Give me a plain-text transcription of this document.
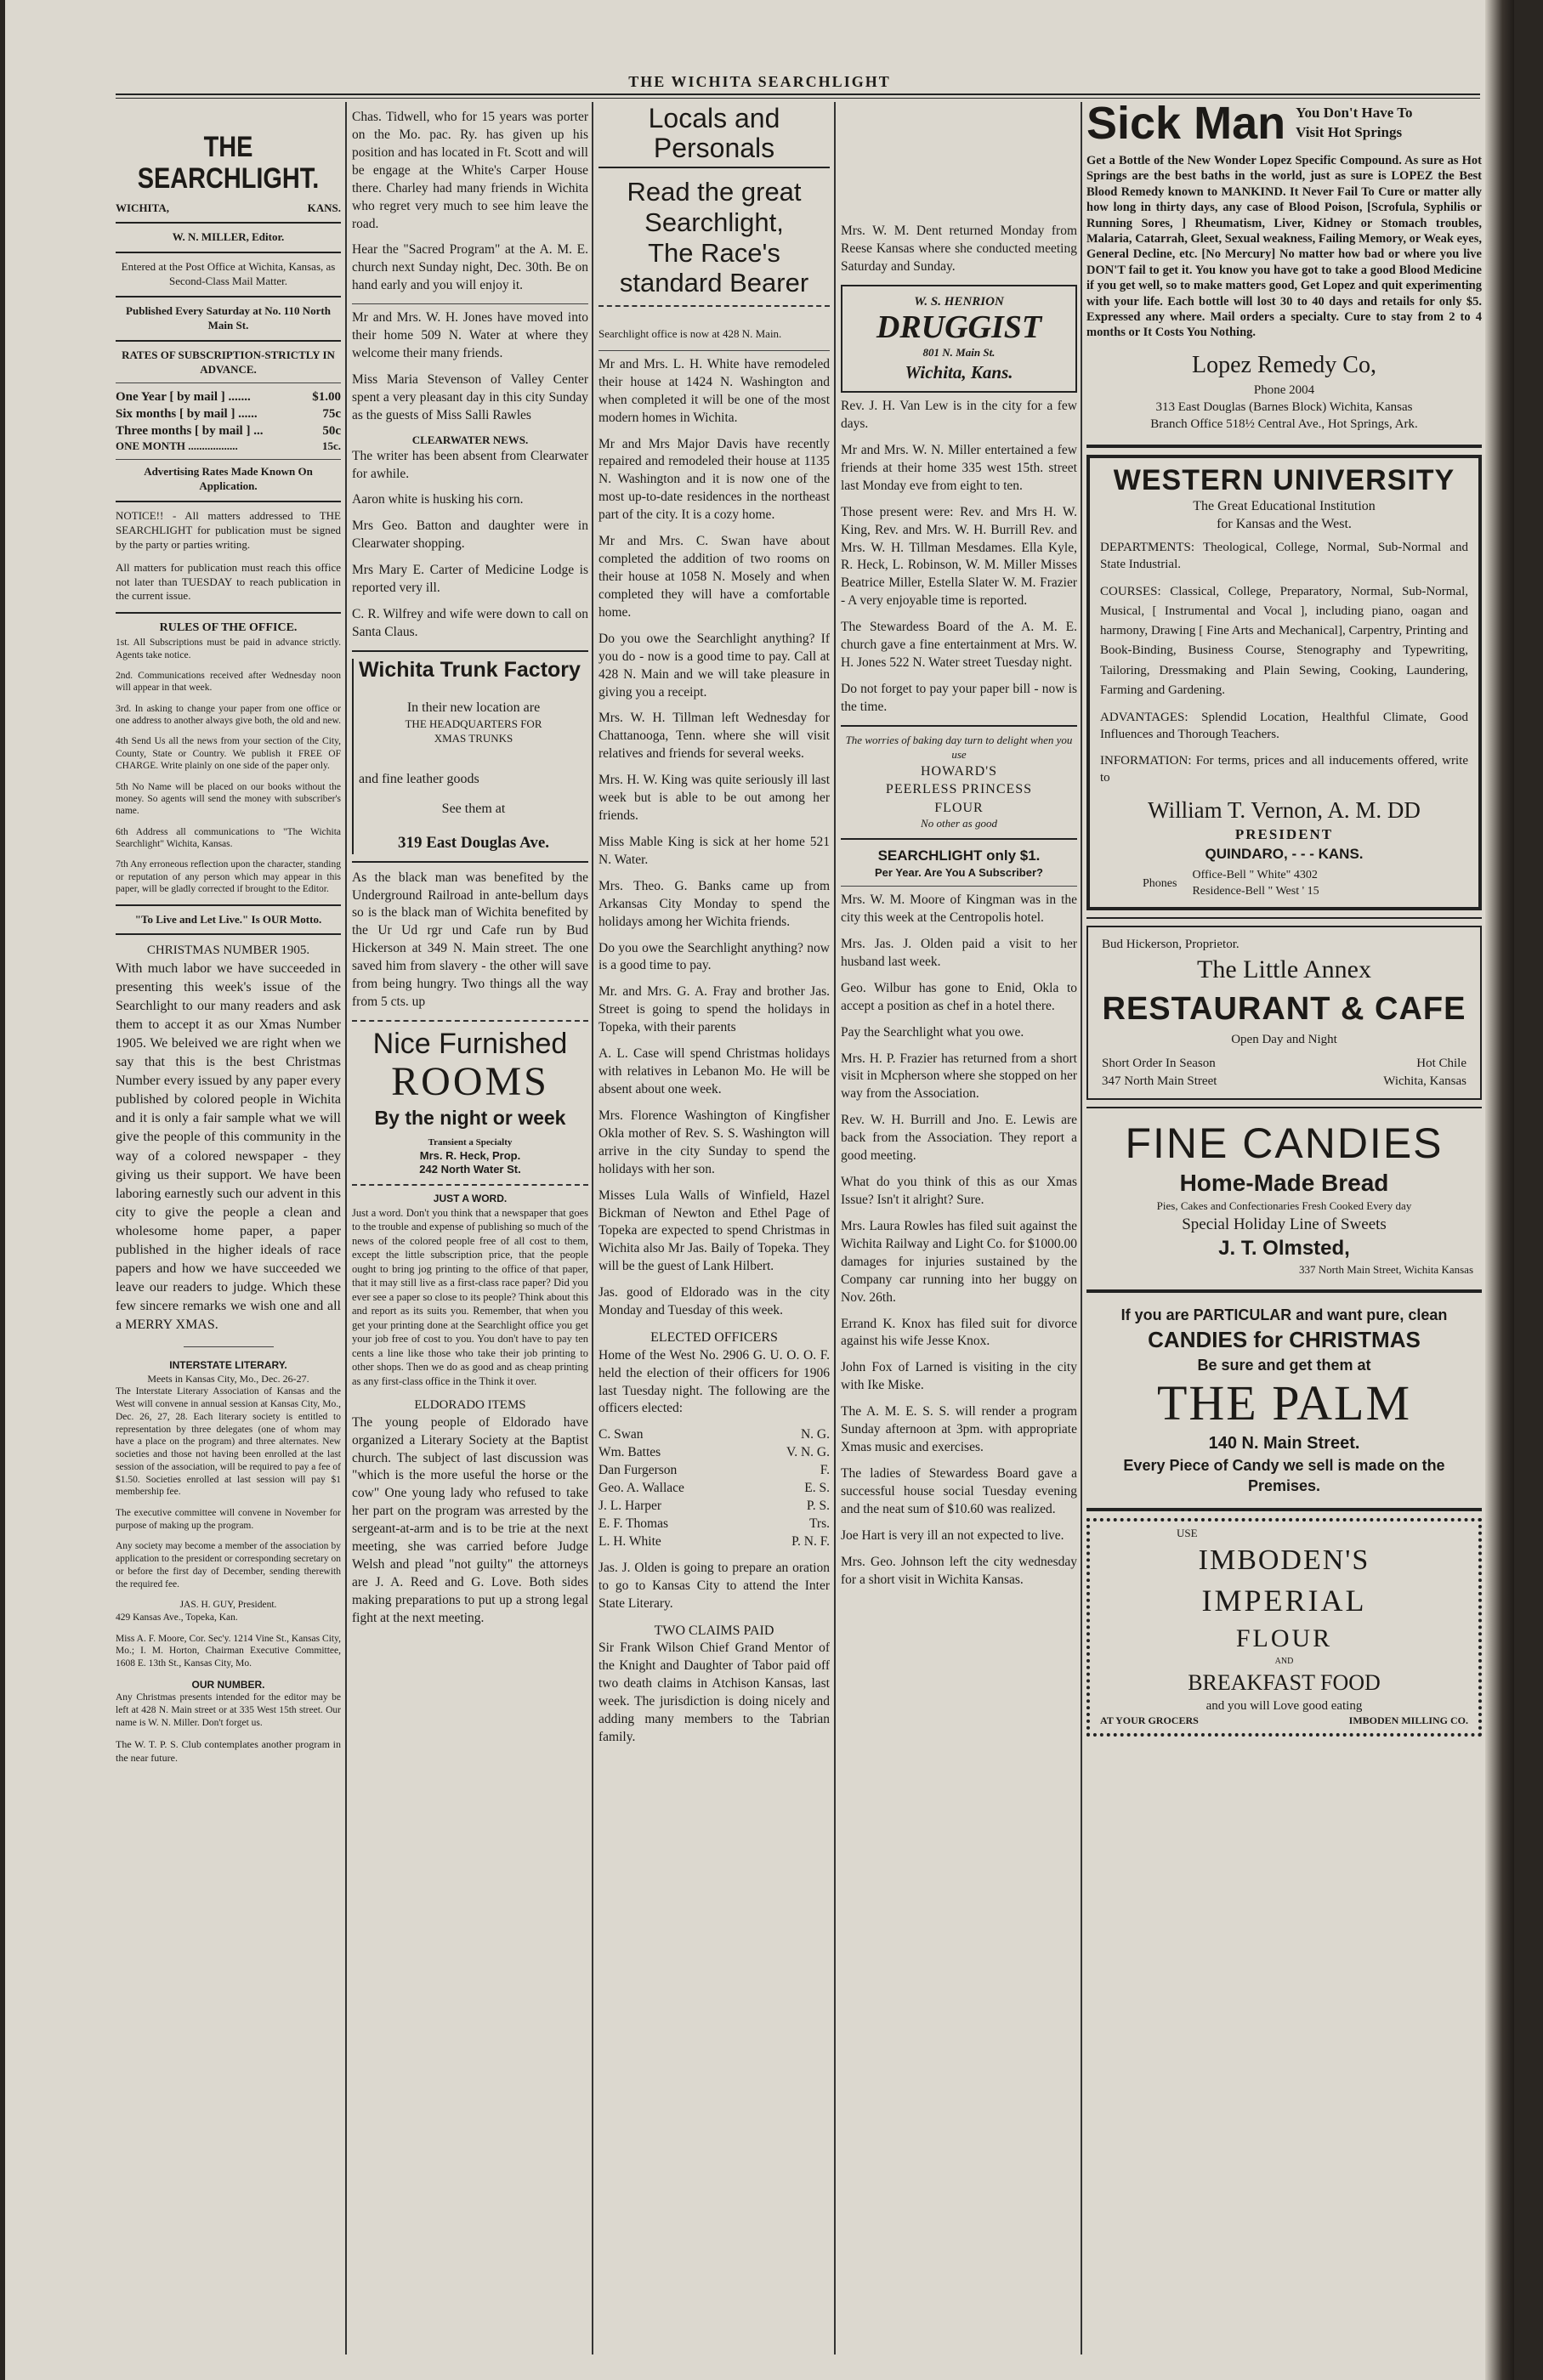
THE WICHITA SEARCHLIGHT
THE SEARCHLIGHT.
WICHITA,	KANS.
W. N. MILLER, Editor.
Entered at the Post Office at Wichita, Kansas, as Second-Class Mail Matter.
Published Every Saturday at No. 110 North Main St.
RATES OF SUBSCRIPTION-STRICTLY IN ADVANCE.
One Year [ by mail ] .......	$1.00
Six months [ by mail ] ......	75c
Three months [ by mail ] ...	50c
ONE MONTH ..................	15c.
Advertising Rates Made Known On Application.

NOTICE!! - All matters addressed to THE SEARCHLIGHT for publication must be signed by the party or parties writing.

All matters for publication must reach this office not later than TUESDAY to reach publication in the current issue.

RULES OF THE OFFICE.

1st. All Subscriptions must be paid in advance strictly. Agents take notice.

2nd. Communications received after Wednesday noon will appear in that week.

3rd. In asking to change your paper from one office or one address to another always give both, the old and new.

4th Send Us all the news from your section of the City, County, State or Country. We publish it FREE OF CHARGE. Write plainly on one side of the paper only.

5th No Name will be placed on our books without the money. So agents will send the money with subscriber's name.

6th Address all communications to "The Wichita Searchlight" Wichita, Kansas.

7th Any erroneous reflection upon the character, standing or reputation of any person which may appear in this paper, will be gladly corrected if brought to the Editor.

"To Live and Let Live." Is OUR Motto.
CHRISTMAS NUMBER 1905.

With much labor we have succeeded in presenting this week's issue of the Searchlight to our many readers and ask them to accept it as our Xmas Number 1905. We beleived we are right when we say that this is the best Christmas Number every issued by any paper every published by colored people in Wichita and it is only a fair sample what we will give the people of this community in the way of a colored newspaper - they giving us their support. We have been laboring earnestly such our advent in this city to give the people a clean and wholesome home paper, a paper published in the higher ideals of race papers and how we have succeeded we leave our readers to judge. Which these few sincere remarks we wish one and all a MERRY XMAS.

INTERSTATE LITERARY.
Meets in Kansas City, Mo., Dec. 26-27.

The Interstate Literary Association of Kansas and the West will convene in annual session at Kansas City, Mo., Dec. 26, 27, 28. Each literary society is entitled to representation by three delegates (one of whom may have a place on the program) and three alternates. New societies and those not having been enrolled at the last session of the association, will be required to pay a fee of $1.50. Societies enrolled at last session will pay $1 membership fee.

The executive committee will convene in November for purpose of making up the program.

Any society may become a member of the association by application to the president or corresponding secretary on or before the first day of December, sending therewith the required fee.

JAS. H. GUY, President.

429 Kansas Ave., Topeka, Kan.

Miss A. F. Moore, Cor. Sec'y. 1214 Vine St., Kansas City, Mo.; I. M. Horton, Chairman Executive Committee, 1608 E. 13th St., Kansas City, Mo.

OUR NUMBER.

Any Christmas presents intended for the editor may be left at 428 N. Main street or at 335 West 15th street. Our name is W. N. Miller. Don't forget us.

The W. T. P. S. Club contemplates another program in the near future.

Chas. Tidwell, who for 15 years was porter on the Mo. pac. Ry. has given up his position and has located in Ft. Scott and will be engage at the White's Carper House there. Charley had many friends in Wichita who regret very much to see him leave the road.

Hear the "Sacred Program" at the A. M. E. church next Sunday night, Dec. 30th. Be on hand early and you will enjoy it.

Mr and Mrs. W. H. Jones have moved into their home 509 N. Water at where they welcome their many friends.

Miss Maria Stevenson of Valley Center spent a very pleasant day in this city Sunday as the guests of Miss Salli Rawles

CLEARWATER NEWS.

The writer has been absent from Clearwater for awhile.

Aaron white is husking his corn.

Mrs Geo. Batton and daughter were in Clearwater shopping.

Mrs Mary E. Carter of Medicine Lodge is reported very ill.

C. R. Wilfrey and wife were down to call on Santa Claus.

Wichita Trunk Factory
In their new location are
THE HEADQUARTERS FOR
XMAS TRUNKS
and fine leather goods
See them at
319 East Douglas Ave.

As the black man was benefited by the Underground Railroad in ante-bellum days so is the black man of Wichita benefited by the Ur Ud rgr und Cafe run by Bud Hickerson at 349 N. Main street. The one saved him from slavery - the other will save from being hungry. Two things all the way from 5 cts. up

Nice Furnished
ROOMS
By the night or week
Transient a Specialty
Mrs. R. Heck, Prop.
242 North Water St.
JUST A WORD.

Just a word. Don't you think that a newspaper that goes to the trouble and expense of publishing so much of the news of the colored people free of all cost to them, except the little subscription price, that the people ought to bring jog printing to the office of that paper, that it may still live as a first-class race paper? Did you ever see a paper so close to its people? Think about this and report as its suits you. Remember, that when you get your printing done at the Searchlight office you get your job free of cost to you. You don't have to pay ten cents a line like those who take their job printing to other shops. Then we do as good and as cheap printing as any first-class office in the Think it over.

ELDORADO ITEMS

The young people of Eldorado have organized a Literary Society at the Baptist church. The subject of last discussion was "which is the more useful the horse or the cow" One young lady who refused to take her part on the program was arrested by the sergeant-at-arm and is to be trie at the next meeting, she was carried before Judge Welsh and plead "not guilty" the attorneys are J. A. Reed and G. Love. Both sides making preparations to put up a strong legal fight at the next meeting.

Locals and Personals
Read the great Searchlight,
The Race's standard Bearer

Searchlight office is now at 428 N. Main.

Mr and Mrs. L. H. White have remodeled their house at 1424 N. Washington and when completed it will be one of the most modern homes in Wichita.

Mr and Mrs Major Davis have recently repaired and remodeled their house at 1135 N. Washington and it is now one of the most up-to-date residences in the northeast part of the city. It is a cozy home.

Mr and Mrs. C. Swan have about completed the addition of two rooms on their house at 1058 N. Mosely and when completed they will have a comfortable home.

Do you owe the Searchlight anything? If you do - now is a good time to pay. Call at 428 N. Main and we will take pleasure in giving you a receipt.

Mrs. W. H. Tillman left Wednesday for Chattanooga, Tenn. where she will visit relatives and friends for several weeks.

Mrs. H. W. King was quite seriously ill last week but is able to be out among her friends.

Miss Mable King is sick at her home 521 N. Water.

Mrs. Theo. G. Banks came up from Arkansas City Monday to spend the holidays among her Wichita friends.

Do you owe the Searchlight anything? now is a good time to pay.

Mr. and Mrs. G. A. Fray and brother Jas. Street is going to spend the holidays in Topeka, with their parents

A. L. Case will spend Christmas holidays with relatives in Lebanon Mo. He will be absent about one week.

Mrs. Florence Washington of Kingfisher Okla mother of Rev. S. S. Washington will arrive in the city Sunday to spend the holidays with her son.

Misses Lula Walls of Winfield, Hazel Bickman of Newton and Ethel Page of Topeka are expected to spend Christmas in Wichita also Mr Jas. Baily of Topeka. They will be the guest of Lank Hilbert.

Jas. good of Eldorado was in the city Monday and Tuesday of this week.

ELECTED OFFICERS

Home of the West No. 2906 G. U. O. O. F. held the election of their officers for 1906 last Tuesday night. The following are the officers elected:

C. Swan	N. G.
Wm. Battes	V. N. G.
Dan Furgerson	F.
Geo. A. Wallace	E. S.
J. L. Harper	P. S.
E. F. Thomas	Trs.
L. H. White	P. N. F.

Jas. J. Olden is going to prepare an oration to go to Kansas City to attend the Inter State Literary.

TWO CLAIMS PAID

Sir Frank Wilson Chief Grand Mentor of the Knight and Daughter of Tabor paid off two death claims in Atchison Kansas, last week. The jurisdiction is doing nicely and adding many members to the Tabrian family.

Mrs. W. M. Dent returned Monday from Reese Kansas where she conducted meeting Saturday and Sunday.

W. S. HENRION
DRUGGIST
801 N. Main St.
Wichita, Kans.

Rev. J. H. Van Lew is in the city for a few days.

Mr and Mrs. W. N. Miller entertained a few friends at their home 335 west 15th. street last Monday eve from eight to ten.

Those present were: Rev. and Mrs H. W. King, Rev. and Mrs. W. H. Burrill Rev. and Mrs. W. H. Tillman Mesdames. Ella Kyle, R. Heck, L. Robinson, W. M. Miller Misses Beatrice Miller, Estella Slater W. M. Frazier - A very enjoyable time is reported.

The Stewardess Board of the A. M. E. church gave a fine entertainment at Mrs. W. H. Jones 522 N. Water street Tuesday night.

Do not forget to pay your paper bill - now is the time.

The worries of baking day turn to delight when you use
HOWARD'S
PEERLESS PRINCESS
FLOUR
No other as good
SEARCHLIGHT only $1.
Per Year. Are You A Subscriber?

Mrs. W. M. Moore of Kingman was in the city this week at the Centropolis hotel.

Mrs. Jas. J. Olden paid a visit to her husband last week.

Geo. Wilbur has gone to Enid, Okla to accept a position as chef in a hotel there.

Pay the Searchlight what you owe.

Mrs. H. P. Frazier has returned from a short visit in Mcpherson where she stopped on her way from the Association.

Rev. W. H. Burrill and Jno. E. Lewis are back from the Association. They report a good meeting.

What do you think of this as our Xmas Issue? Isn't it alright? Sure.

Mrs. Laura Rowles has filed suit against the Wichita Railway and Light Co. for $1000.00 damages for injuries sustained by the Company car running into her buggy on Nov. 26th.

Errand K. Knox has filed suit for divorce against his wife Jesse Knox.

John Fox of Larned is visiting in the city with Ike Miske.

The A. M. E. S. S. will render a program Sunday afternoon at 3pm. with appropriate Xmas music and exercises.

The ladies of Stewardess Board gave a successful house social Tuesday evening and the neat sum of $10.60 was realized.

Joe Hart is very ill an not expected to live.

Mrs. Geo. Johnson left the city wednesday for a short visit in Wichita Kansas.

Sick Man You Don't Have To Visit Hot Springs

Get a Bottle of the New Wonder Lopez Specific Compound. As sure as Hot Springs are the best baths in the world, just as sure is LOPEZ the Best Blood Remedy known to MANKIND. It Never Fail To Cure or matter ally how long in thirty days, any case of Blood Poison, [Scrofula, Syphilis or Running Sores, ] Rheumatism, Liver, Kidney or Stomach troubles, Malaria, Catarrah, Gleet, Sexual weakness, Failing Memory, or Weak eyes, General Decline, etc. [No Mercury] No matter how bad or where you live DON'T fail to get it. You know you have got to take a good Blood Medicine if you get well, so to make matters good, Get Lopez and quit experimenting with your life. Each bottle will lost 30 to 40 days and retails for only $5. Expressed any where. Mail orders a specialty. Cure to stay from 2 to 4 months or It Costs You Nothing.

Lopez Remedy Co,
Phone 2004
313 East Douglas (Barnes Block) Wichita, Kansas
Branch Office 518½ Central Ave., Hot Springs, Ark.
WESTERN UNIVERSITY
The Great Educational Institution
for Kansas and the West.

DEPARTMENTS: Theological, College, Normal, Sub-Normal and State Industrial.

COURSES: Classical, College, Preparatory, Normal, Sub-Normal, Musical, [ Instrumental and Vocal ], including piano, oagan and harmony, Drawing [ Fine Arts and Mechanical], Carpentry, Printing and Book-Binding, Business Course, Stenography and Typewriting, Tailoring, Dressmaking and Plain Sewing, Cooking, Laundering, Farming and Gardening.

ADVANTAGES: Splendid Location, Healthful Climate, Good Influences and Thorough Teachers.

INFORMATION: For terms, prices and all inducements offered, write to

William T. Vernon, A. M. DD
PRESIDENT
QUINDARO, - - - KANS.
Phones
Office-Bell " White" 4302
Residence-Bell " West ' 15
Bud Hickerson, Proprietor.
The Little Annex
RESTAURANT & CAFE
Open Day and Night
Short Order In Season	Hot Chile
347 North Main Street	Wichita, Kansas
FINE CANDIES
Home-Made Bread
Pies, Cakes and Confectionaries Fresh Cooked Every day
Special Holiday Line of Sweets
J. T. Olmsted,
337 North Main Street, Wichita Kansas
If you are PARTICULAR and want pure, clean
CANDIES for CHRISTMAS
Be sure and get them at
THE PALM
140 N. Main Street.
Every Piece of Candy we sell is made on the Premises.
USE
IMBODEN'S
IMPERIAL
FLOUR
AND
BREAKFAST FOOD
and you will Love good eating
AT YOUR GROCERS	IMBODEN MILLING CO.
